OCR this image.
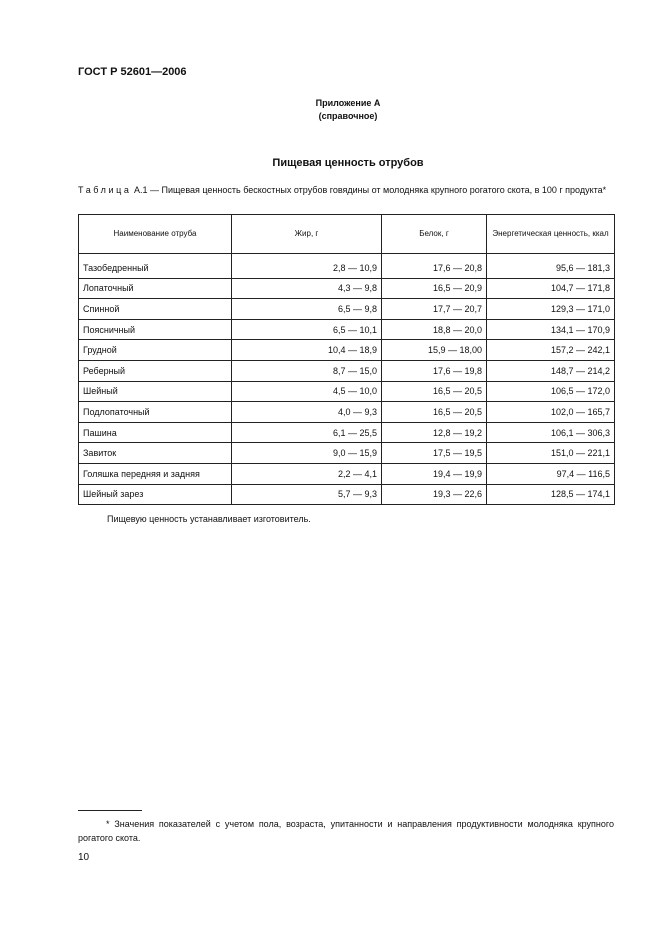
ГОСТ Р 52601—2006
Приложение А
(справочное)
Пищевая ценность отрубов
Таблица А.1 — Пищевая ценность бескостных отрубов говядины от молодняка крупного рогатого скота, в 100 г продукта*
Наименование отруба	Жир, г	Белок, г	Энергетическая ценность, ккал
Тазобедренный	2,8 — 10,9	17,6 — 20,8	95,6 — 181,3
Лопаточный	4,3 — 9,8	16,5 — 20,9	104,7 — 171,8
Спинной	6,5 — 9,8	17,7 — 20,7	129,3 — 171,0
Поясничный	6,5 — 10,1	18,8 — 20,0	134,1 — 170,9
Грудной	10,4 — 18,9	15,9 — 18,00	157,2 — 242,1
Реберный	8,7 — 15,0	17,6 — 19,8	148,7 — 214,2
Шейный	4,5 — 10,0	16,5 — 20,5	106,5 — 172,0
Подлопаточный	4,0 — 9,3	16,5 — 20,5	102,0 — 165,7
Пашина	6,1 — 25,5	12,8 — 19,2	106,1 — 306,3
Завиток	9,0 — 15,9	17,5 — 19,5	151,0 — 221,1
Голяшка передняя и задняя	2,2 — 4,1	19,4 — 19,9	97,4 — 116,5
Шейный зарез	5,7 — 9,3	19,3 — 22,6	128,5 — 174,1
Пищевую ценность устанавливает изготовитель.
* Значения показателей с учетом пола, возраста, упитанности и направления продуктивности молодняка крупного рогатого скота.
10
